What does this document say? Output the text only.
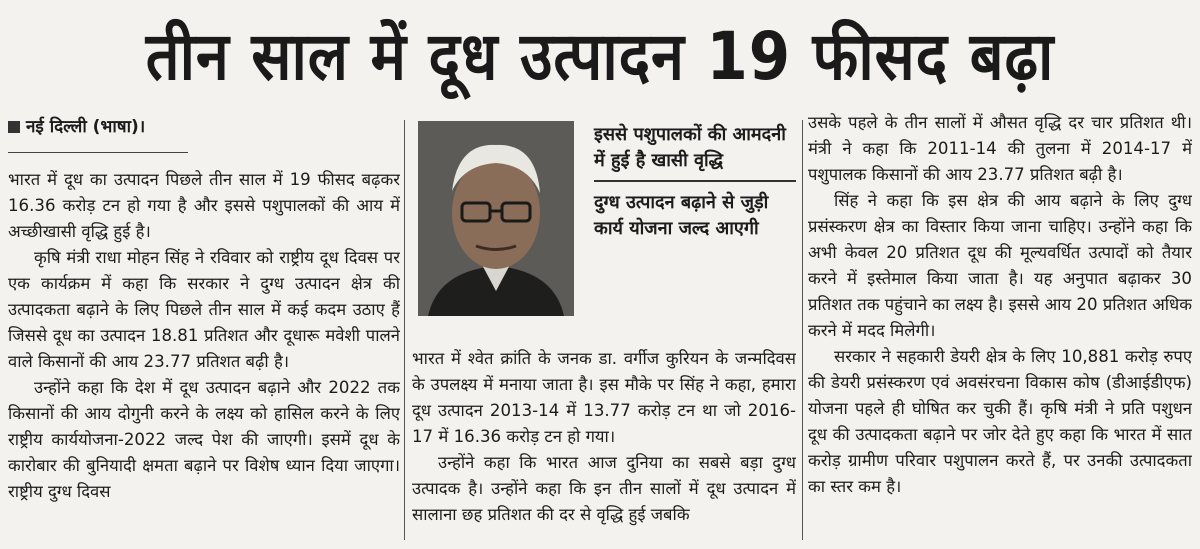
तीन साल में दूध उत्पादन 19 फीसद बढ़ा
नई दिल्ली (भाषा)।

भारत में दूध का उत्पादन पिछले तीन साल में 19 फीसद बढ़कर 16.36 करोड़ टन हो गया है और इससे पशुपालकों की आय में अच्छीखासी वृद्धि हुई है।

कृषि मंत्री राधा मोहन सिंह ने रविवार को राष्ट्रीय दूध दिवस पर एक कार्यक्रम में कहा कि सरकार ने दुग्ध उत्पादन क्षेत्र की उत्पादकता बढ़ाने के लिए पिछले तीन साल में कई कदम उठाए हैं जिससे दूध का उत्पादन 18.81 प्रतिशत और दूधारू मवेशी पालने वाले किसानों की आय 23.77 प्रतिशत बढ़ी है।

उन्होंने कहा कि देश में दूध उत्पादन बढ़ाने और 2022 तक किसानों की आय दोगुनी करने के लक्ष्य को हासिल करने के लिए राष्ट्रीय कार्ययोजना-2022 जल्द पेश की जाएगी। इसमें दूध के कारोबार की बुनियादी क्षमता बढ़ाने पर विशेष ध्यान दिया जाएगा। राष्ट्रीय दुग्ध दिवस

इससे पशुपालकों की आमदनी में हुई है खासी वृद्धि
दुग्ध उत्पादन बढ़ाने से जुड़ी कार्य योजना जल्द आएगी

भारत में श्वेत क्रांति के जनक डा. वर्गीज कुरियन के जन्मदिवस के उपलक्ष्य में मनाया जाता है। इस मौके पर सिंह ने कहा, हमारा दूध उत्पादन 2013-14 में 13.77 करोड़ टन था जो 2016-17 में 16.36 करोड़ टन हो गया।

उन्होंने कहा कि भारत आज दुनिया का सबसे बड़ा दुग्ध उत्पादक है। उन्होंने कहा कि इन तीन सालों में दूध उत्पादन में सालाना छह प्रतिशत की दर से वृद्धि हुई जबकि

उसके पहले के तीन सालों में औसत वृद्धि दर चार प्रतिशत थी। मंत्री ने कहा कि 2011-14 की तुलना में 2014-17 में पशुपालक किसानों की आय 23.77 प्रतिशत बढ़ी है।

सिंह ने कहा कि इस क्षेत्र की आय बढ़ाने के लिए दुग्ध प्रसंस्करण क्षेत्र का विस्तार किया जाना चाहिए। उन्होंने कहा कि अभी केवल 20 प्रतिशत दूध की मूल्यवर्धित उत्पादों को तैयार करने में इस्तेमाल किया जाता है। यह अनुपात बढ़ाकर 30 प्रतिशत तक पहुंचाने का लक्ष्य है। इससे आय 20 प्रतिशत अधिक करने में मदद मिलेगी।

सरकार ने सहकारी डेयरी क्षेत्र के लिए 10,881 करोड़ रुपए की डेयरी प्रसंस्करण एवं अवसंरचना विकास कोष (डीआईडीएफ) योजना पहले ही घोषित कर चुकी हैं। कृषि मंत्री ने प्रति पशुधन दूध की उत्पादकता बढ़ाने पर जोर देते हुए कहा कि भारत में सात करोड़ ग्रामीण परिवार पशुपालन करते हैं, पर उनकी उत्पादकता का स्तर कम है।
